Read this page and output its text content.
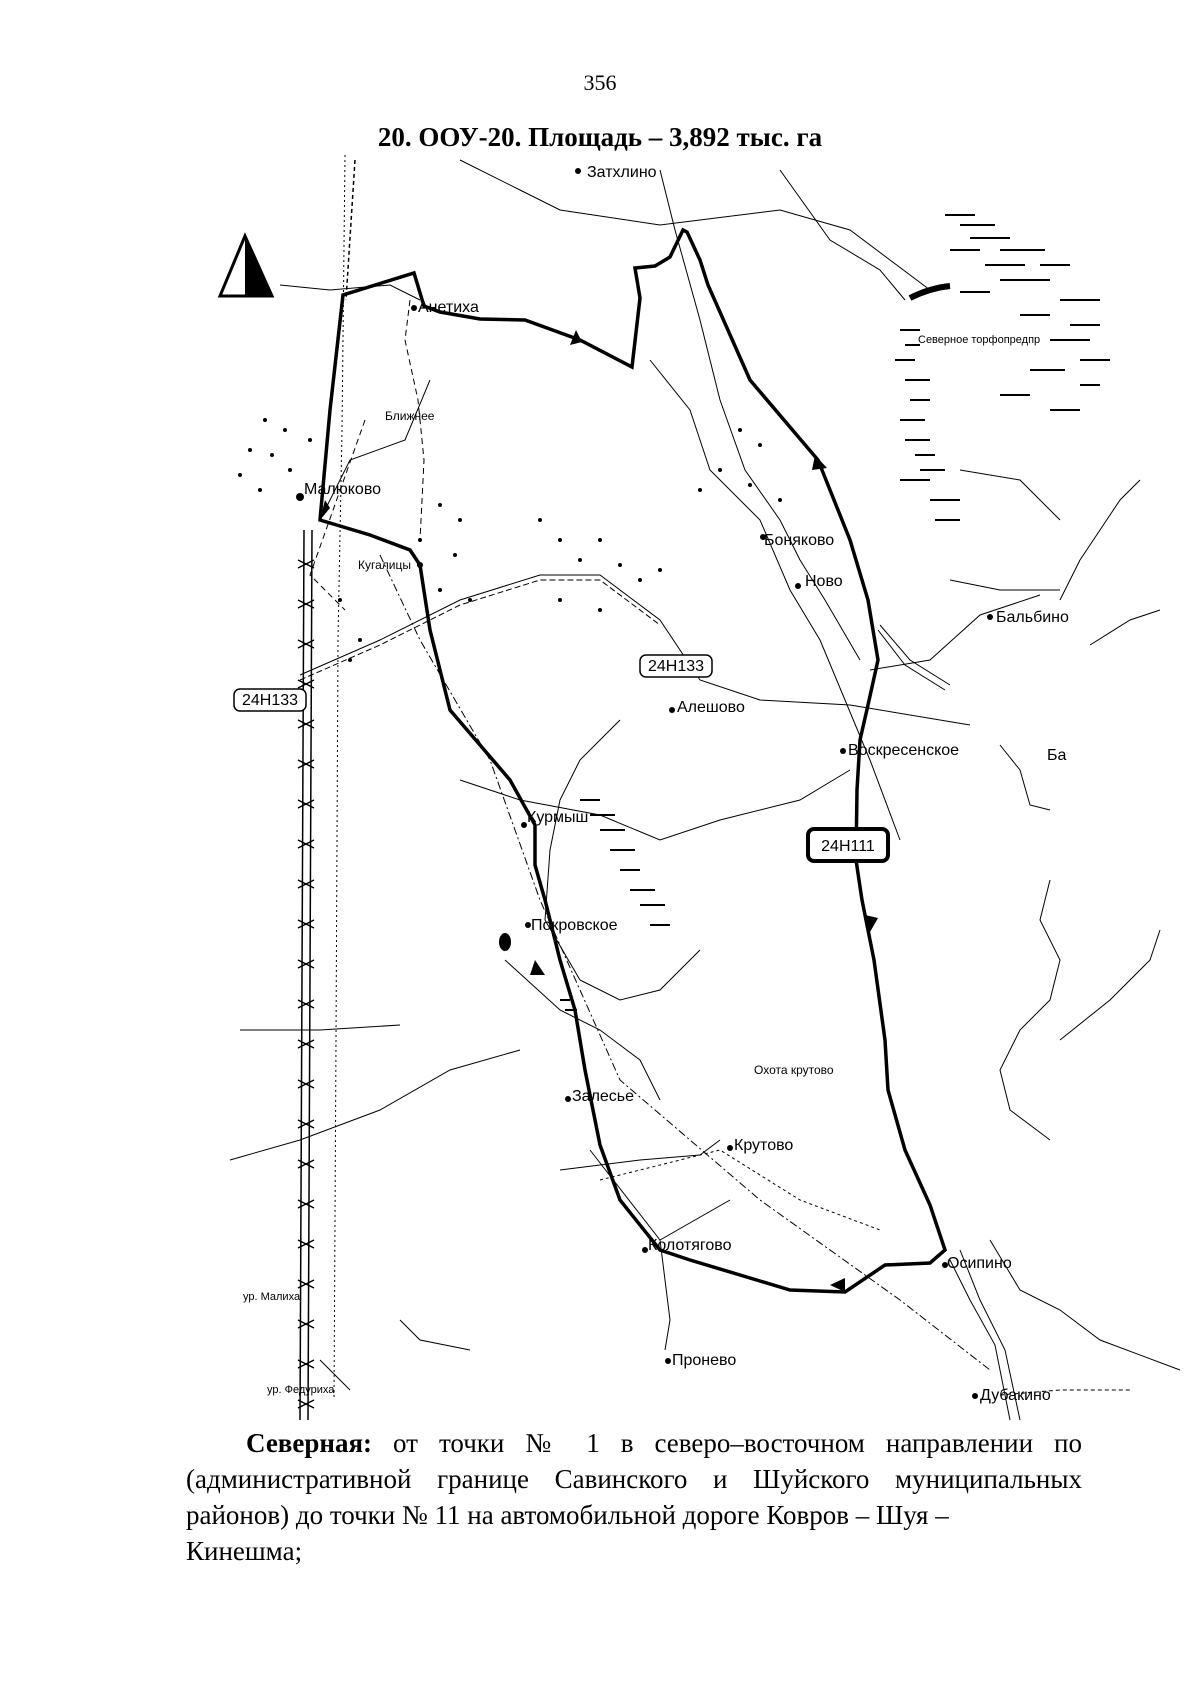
356
20. ООУ-20. Площадь – 3,892 тыс. га
24Н133
24Н133
24Н111
Затхлино
Анетиха
Ближнее
Малюково
Кугалицы
Боняково
Ново
Бальбино
Алешово
Воскресенское	Ба
Курмыш
Покровское
Охота крутово
Залесье
Крутово
Колотягово
Осипино
Пронево
Дубакино
ур. Малиха
ур. Федуриха
Северное торфопредпр
Северная: от точки № 1 в северо–восточном направлении по (административной границе Савинского и Шуйского муниципальных районов) до точки № 11 на автомобильной дороге Ковров – Шуя –
Кинешма;
